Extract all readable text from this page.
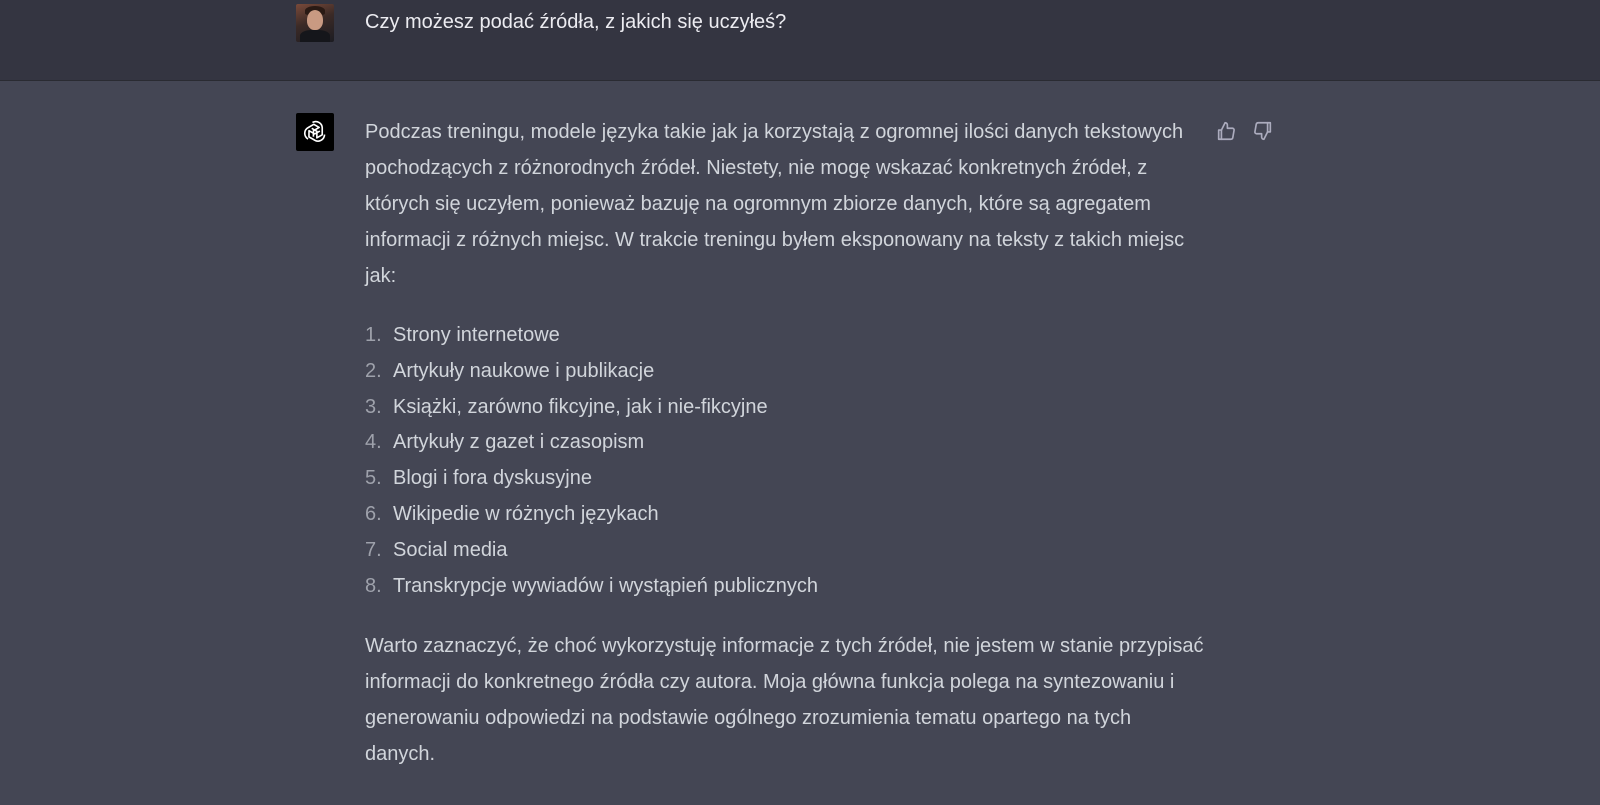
Czy możesz podać źródła, z jakich się uczyłeś?

Podczas treningu, modele języka takie jak ja korzystają z ogromnej ilości danych tekstowych pochodzących z różnorodnych źródeł. Niestety, nie mogę wskazać konkretnych źródeł, z których się uczyłem, ponieważ bazuję na ogromnym zbiorze danych, które są agregatem informacji z różnych miejsc. W trakcie treningu byłem eksponowany na teksty z takich miejsc jak:

1. Strony internetowe
2. Artykuły naukowe i publikacje
3. Książki, zarówno fikcyjne, jak i nie-fikcyjne
4. Artykuły z gazet i czasopism
5. Blogi i fora dyskusyjne
6. Wikipedie w różnych językach
7. Social media
8. Transkrypcje wywiadów i wystąpień publicznych

Warto zaznaczyć, że choć wykorzystuję informacje z tych źródeł, nie jestem w stanie przypisać informacji do konkretnego źródła czy autora. Moja główna funkcja polega na syntezowaniu i generowaniu odpowiedzi na podstawie ogólnego zrozumienia tematu opartego na tych danych.
